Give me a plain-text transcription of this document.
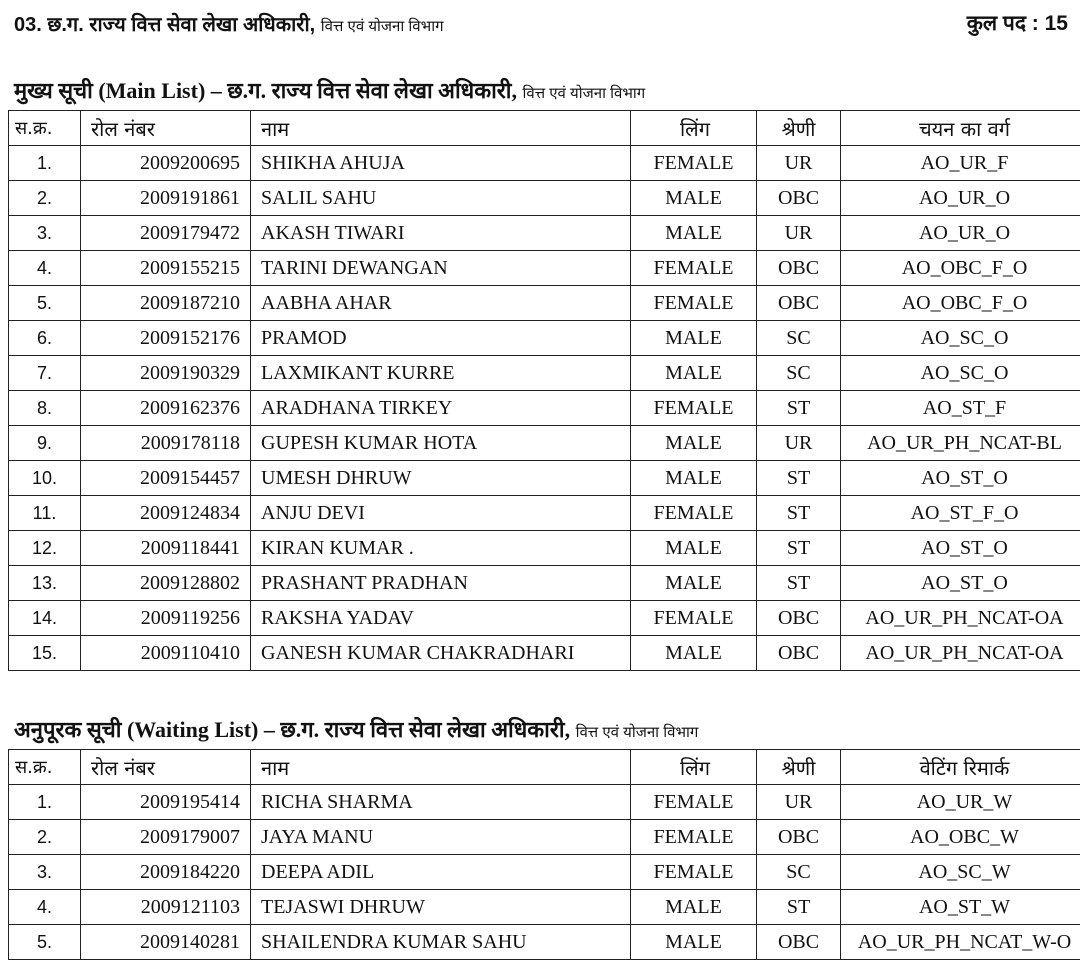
03. छ.ग. राज्य वित्त सेवा लेखा अधिकारी, वित्त एवं योजना विभाग	कुल पद : 15
मुख्य सूची (Main List) – छ.ग. राज्य वित्त सेवा लेखा अधिकारी, वित्त एवं योजना विभाग
स.क्र.	रोल नंबर	नाम	लिंग	श्रेणी	चयन का वर्ग
1.	2009200695	SHIKHA AHUJA	FEMALE	UR	AO_UR_F
2.	2009191861	SALIL SAHU	MALE	OBC	AO_UR_O
3.	2009179472	AKASH TIWARI	MALE	UR	AO_UR_O
4.	2009155215	TARINI DEWANGAN	FEMALE	OBC	AO_OBC_F_O
5.	2009187210	AABHA AHAR	FEMALE	OBC	AO_OBC_F_O
6.	2009152176	PRAMOD	MALE	SC	AO_SC_O
7.	2009190329	LAXMIKANT KURRE	MALE	SC	AO_SC_O
8.	2009162376	ARADHANA TIRKEY	FEMALE	ST	AO_ST_F
9.	2009178118	GUPESH KUMAR HOTA	MALE	UR	AO_UR_PH_NCAT-BL
10.	2009154457	UMESH DHRUW	MALE	ST	AO_ST_O
11.	2009124834	ANJU DEVI	FEMALE	ST	AO_ST_F_O
12.	2009118441	KIRAN KUMAR .	MALE	ST	AO_ST_O
13.	2009128802	PRASHANT PRADHAN	MALE	ST	AO_ST_O
14.	2009119256	RAKSHA YADAV	FEMALE	OBC	AO_UR_PH_NCAT-OA
15.	2009110410	GANESH KUMAR CHAKRADHARI	MALE	OBC	AO_UR_PH_NCAT-OA
अनुपूरक सूची (Waiting List) – छ.ग. राज्य वित्त सेवा लेखा अधिकारी, वित्त एवं योजना विभाग
स.क्र.	रोल नंबर	नाम	लिंग	श्रेणी	वेटिंग रिमार्क
1.	2009195414	RICHA SHARMA	FEMALE	UR	AO_UR_W
2.	2009179007	JAYA MANU	FEMALE	OBC	AO_OBC_W
3.	2009184220	DEEPA ADIL	FEMALE	SC	AO_SC_W
4.	2009121103	TEJASWI DHRUW	MALE	ST	AO_ST_W
5.	2009140281	SHAILENDRA KUMAR SAHU	MALE	OBC	AO_UR_PH_NCAT_W-O
